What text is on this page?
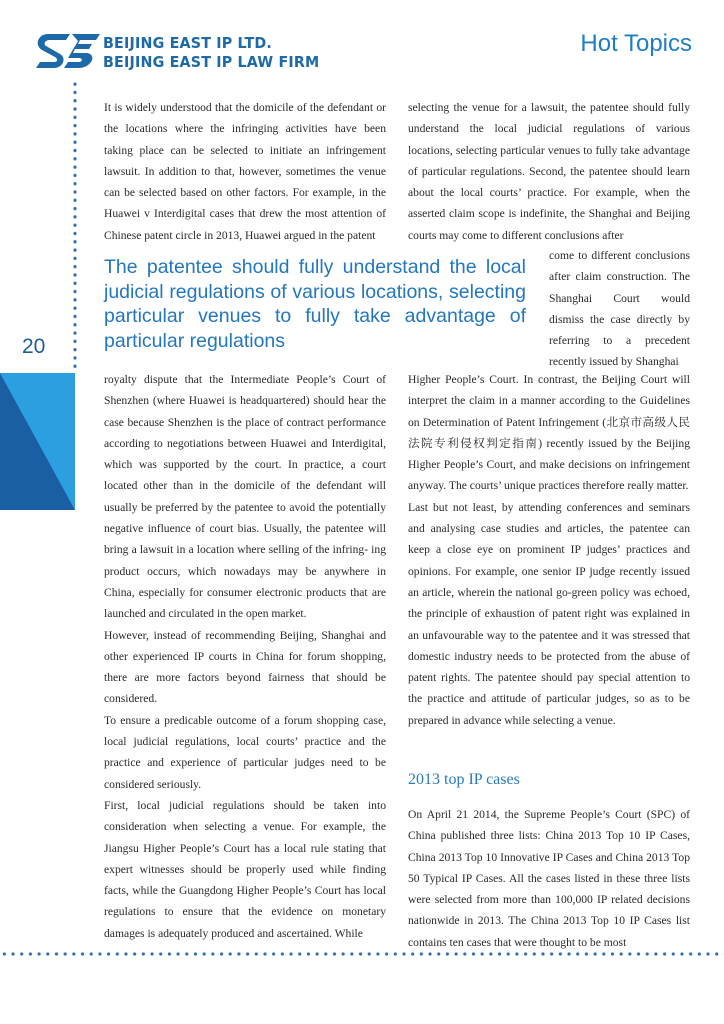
BEIJING EAST IP LTD.
BEIJING EAST IP LAW FIRM
Hot Topics
20

It is widely understood that the domicile of the defendant or the locations where the infringing activities have been taking place can be selected to initiate an infringement lawsuit. In addition to that, however, sometimes the venue can be selected based on other factors. For example, in the Huawei v Interdigital cases that drew the most attention of Chinese patent circle in 2013, Huawei argued in the patent

selecting the venue for a lawsuit, the patentee should fully understand the local judicial regulations of various locations, selecting particular venues to fully take advantage of particular regulations. Second, the patentee should learn about the local courts’ practice. For example, when the asserted claim scope is indefinite, the Shanghai and Beijing courts may come to different conclusions after

The patentee should fully understand the local judicial regulations of various locations, selecting particular venues to fully take advantage of particular regulations

come to different conclusions after claim construction. The Shanghai Court would dismiss the case directly by referring to a precedent recently issued by Shanghai

royalty dispute that the Intermediate People’s Court of Shenzhen (where Huawei is headquartered) should hear the case because Shenzhen is the place of contract performance according to negotiations between Huawei and Interdigital, which was supported by the court. In practice, a court located other than in the domicile of the defendant will usually be preferred by the patentee to avoid the potentially negative influence of court bias. Usually, the patentee will bring a lawsuit in a location where selling of the infring- ing product occurs, which nowadays may be anywhere in China, especially for consumer electronic products that are launched and circulated in the open market.

However, instead of recommending Beijing, Shanghai and other experienced IP courts in China for forum shopping, there are more factors beyond fairness that should be considered.

To ensure a predicable outcome of a forum shopping case, local judicial regulations, local courts’ practice and the practice and experience of particular judges need to be considered seriously.

First, local judicial regulations should be taken into consideration when selecting a venue. For example, the Jiangsu Higher People’s Court has a local rule stating that expert witnesses should be properly used while finding facts, while the Guangdong Higher People’s Court has local regulations to ensure that the evidence on monetary damages is adequately produced and ascertained. While

Higher People’s Court. In contrast, the Beijing Court will interpret the claim in a manner according to the Guidelines on Determination of Patent Infringement (北京市高级人民法院专利侵权判定指南) recently issued by the Beijing Higher People’s Court, and make decisions on infringement anyway. The courts’ unique practices therefore really matter.

Last but not least, by attending conferences and seminars and analysing case studies and articles, the patentee can keep a close eye on prominent IP judges’ practices and opinions. For example, one senior IP judge recently issued an article, wherein the national go-green policy was echoed, the principle of exhaustion of patent right was explained in an unfavourable way to the patentee and it was stressed that domestic industry needs to be protected from the abuse of patent rights. The patentee should pay special attention to the practice and attitude of particular judges, so as to be prepared in advance while selecting a venue.

2013 top IP cases

On April 21 2014, the Supreme People’s Court (SPC) of China published three lists: China 2013 Top 10 IP Cases, China 2013 Top 10 Innovative IP Cases and China 2013 Top 50 Typical IP Cases. All the cases listed in these three lists were selected from more than 100,000 IP related decisions nationwide in 2013. The China 2013 Top 10 IP Cases list contains ten cases that were thought to be most
